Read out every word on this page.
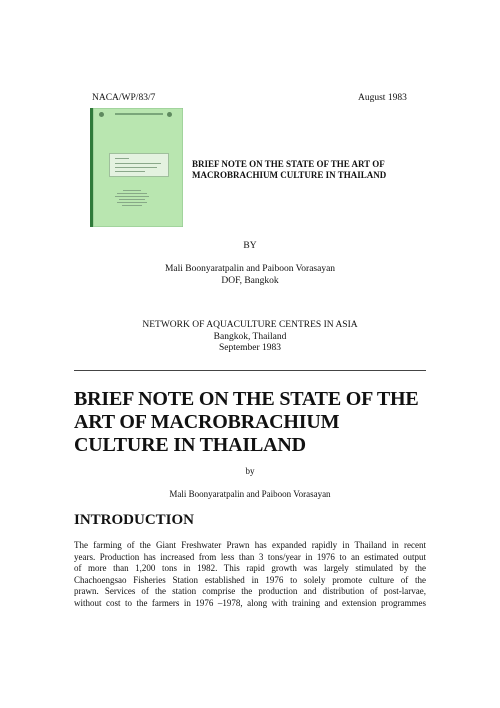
NACA/WP/83/7	August 1983
BRIEF NOTE ON THE STATE OF THE ART OF
MACROBRACHIUM CULTURE IN THAILAND
BY
Mali Boonyaratpalin and Paiboon Vorasayan
DOF, Bangkok
NETWORK OF AQUACULTURE CENTRES IN ASIA
Bangkok, Thailand
September 1983
BRIEF NOTE ON THE STATE OF THE
ART OF MACROBRACHIUM
CULTURE IN THAILAND
by
Mali Boonyaratpalin and Paiboon Vorasayan
INTRODUCTION
The farming of the Giant Freshwater Prawn has expanded rapidly in Thailand in recent
years. Production has increased from less than 3 tons/year in 1976 to an estimated output
of more than 1,200 tons in 1982. This rapid growth was largely stimulated by the
Chachoengsao Fisheries Station established in 1976 to solely promote culture of the
prawn. Services of the station comprise the production and distribution of post-larvae,
without cost to the farmers in 1976 –1978, along with training and extension programmes
